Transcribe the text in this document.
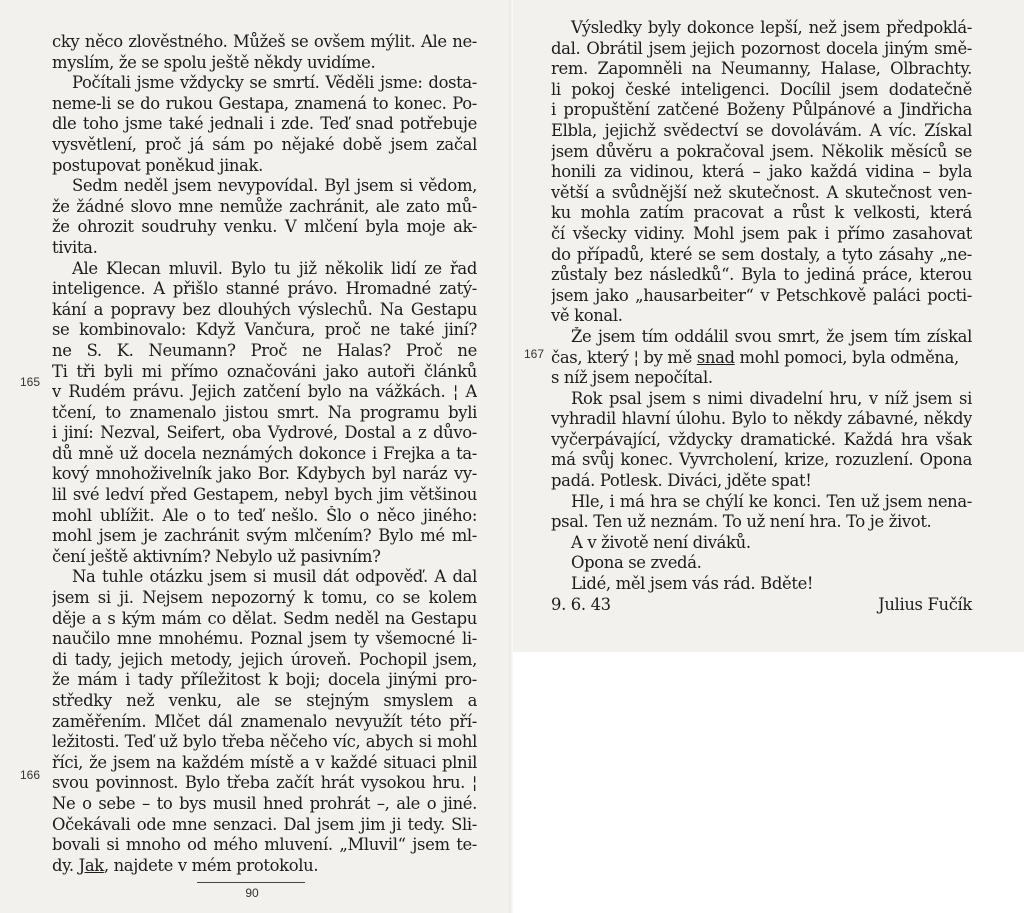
cky něco zlověstného. Můžeš se ovšem mýlit. Ale ne-
myslím, že se spolu ještě někdy uvidíme.
Počítali jsme vždycky se smrtí. Věděli jsme: dosta-
neme-li se do rukou Gestapa, znamená to konec. Po-
dle toho jsme také jednali i zde. Teď snad potřebuje
vysvětlení, proč já sám po nějaké době jsem začal
postupovat poněkud jinak.
Sedm neděl jsem nevypovídal. Byl jsem si vědom,
že žádné slovo mne nemůže zachránit, ale zato mů-
že ohrozit soudruhy venku. V mlčení byla moje ak-
tivita.
Ale Klecan mluvil. Bylo tu již několik lidí ze řad
inteligence. A přišlo stanné právo. Hromadné zatý-
kání a popravy bez dlouhých výslechů. Na Gestapu
se kombinovalo: Když Vančura, proč ne také jiní?
ne S. K. Neumann? Proč ne Halas? Proč ne
Ti tři byli mi přímo označováni jako autoři článků
v Rudém právu. Jejich zatčení bylo na vážkách. ¦ A
tčení, to znamenalo jistou smrt. Na programu byli
i jiní: Nezval, Seifert, oba Vydrové, Dostal a z důvo-
dů mně už docela neznámých dokonce i Frejka a ta-
kový mnohoživelník jako Bor. Kdybych byl naráz vy-
lil své ledví před Gestapem, nebyl bych jim většinou
mohl ublížit. Ale o to teď nešlo. Šlo o něco jiného:
mohl jsem je zachránit svým mlčením? Bylo mé ml-
čení ještě aktivním? Nebylo už pasivním?
Na tuhle otázku jsem si musil dát odpověď. A dal
jsem si ji. Nejsem nepozorný k tomu, co se kolem
děje a s kým mám co dělat. Sedm neděl na Gestapu
naučilo mne mnohému. Poznal jsem ty všemocné li-
di tady, jejich metody, jejich úroveň. Pochopil jsem,
že mám i tady příležitost k boji; docela jinými pro-
středky než venku, ale se stejným smyslem a
zaměřením. Mlčet dál znamenalo nevyužít této pří-
ležitosti. Teď už bylo třeba něčeho víc, abych si mohl
říci, že jsem na každém místě a v každé situaci plnil
svou povinnost. Bylo třeba začít hrát vysokou hru. ¦
Ne o sebe – to bys musil hned prohrát –, ale o jiné.
Očekávali ode mne senzaci. Dal jsem jim ji tedy. Sli-
bovali si mnoho od mého mluvení. „Mluvil“ jsem te-
dy. Jak, najdete v mém protokolu.
165
166
90
Výsledky byly dokonce lepší, než jsem předpoklá-
dal. Obrátil jsem jejich pozornost docela jiným smě-
rem. Zapomněli na Neumanny, Halase, Olbrachty.
li pokoj české inteligenci. Docílil jsem dodatečně
i propuštění zatčené Boženy Půlpánové a Jindřicha
Elbla, jejichž svědectví se dovolávám. A víc. Získal
jsem důvěru a pokračoval jsem. Několik měsíců se
honili za vidinou, která – jako každá vidina – byla
větší a svůdnější než skutečnost. A skutečnost ven-
ku mohla zatím pracovat a růst k velkosti, která
čí všecky vidiny. Mohl jsem pak i přímo zasahovat
do případů, které se sem dostaly, a tyto zásahy „ne-
zůstaly bez následků“. Byla to jediná práce, kterou
jsem jako „hausarbeiter“ v Petschkově paláci pocti-
vě konal.
Že jsem tím oddálil svou smrt, že jsem tím získal
čas, který ¦ by mě snad mohl pomoci, byla odměna,
s níž jsem nepočítal.
Rok psal jsem s nimi divadelní hru, v níž jsem si
vyhradil hlavní úlohu. Bylo to někdy zábavné, někdy
vyčerpávající, vždycky dramatické. Každá hra však
má svůj konec. Vyvrcholení, krize, rozuzlení. Opona
padá. Potlesk. Diváci, jděte spat!
Hle, i má hra se chýlí ke konci. Ten už jsem nena-
psal. Ten už neznám. To už není hra. To je život.
A v životě není diváků.
Opona se zvedá.
Lidé, měl jsem vás rád. Bděte!
9. 6. 43	Julius Fučík
167
